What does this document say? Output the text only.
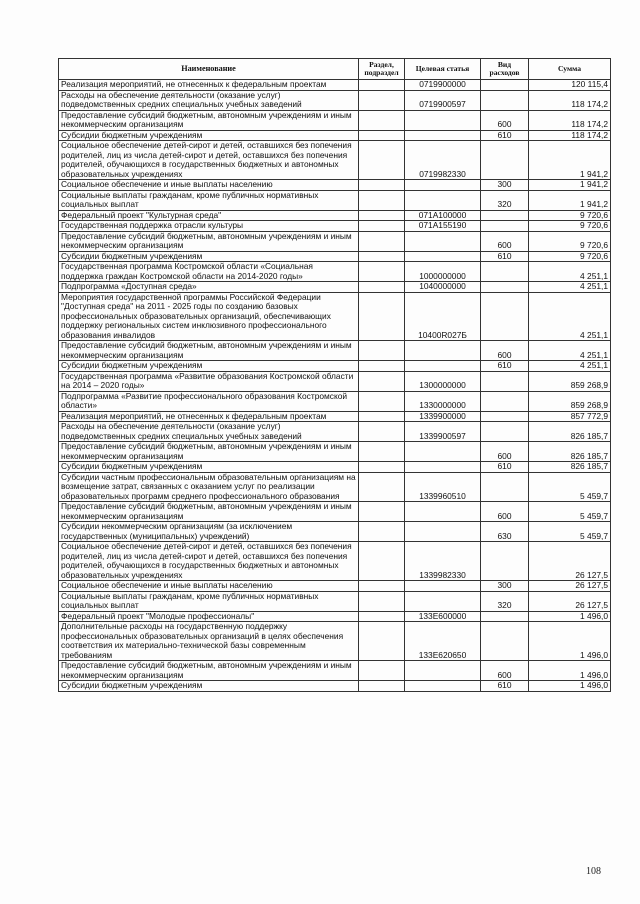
Наименование	Раздел, подраздел	Целевая статья	Вид расходов	Сумма
Реализация мероприятий, не отнесенных к федеральным проектам		0719900000		120 115,4
Расходы на обеспечение деятельности (оказание услуг) подведомственных средних специальных учебных заведений		0719900597		118 174,2
Предоставление субсидий бюджетным, автономным учреждениям и иным некоммерческим организациям			600	118 174,2
Субсидии бюджетным учреждениям			610	118 174,2
Социальное обеспечение детей-сирот и детей, оставшихся без попечения родителей, лиц из числа детей-сирот и детей, оставшихся без попечения родителей, обучающихся в государственных бюджетных и автономных образовательных учреждениях		0719982330		1 941,2
Социальное обеспечение и иные выплаты населению			300	1 941,2
Социальные выплаты гражданам, кроме публичных нормативных социальных выплат			320	1 941,2
Федеральный проект "Культурная среда"		071A100000		9 720,6
Государственная поддержка отрасли культуры		071A155190		9 720,6
Предоставление субсидий бюджетным, автономным учреждениям и иным некоммерческим организациям			600	9 720,6
Субсидии бюджетным учреждениям			610	9 720,6
Государственная программа Костромской области «Социальная поддержка граждан Костромской области на 2014-2020 годы»		1000000000		4 251,1
Подпрограмма «Доступная среда»		1040000000		4 251,1
Мероприятия государственной программы Российской Федерации "Доступная среда" на 2011 - 2025 годы по созданию базовых профессиональных образовательных организаций, обеспечивающих поддержку региональных систем инклюзивного профессионального образования инвалидов		10400R027Б		4 251,1
Предоставление субсидий бюджетным, автономным учреждениям и иным некоммерческим организациям			600	4 251,1
Субсидии бюджетным учреждениям			610	4 251,1
Государственная программа «Развитие образования Костромской области на 2014 – 2020 годы»		1300000000		859 268,9
Подпрограмма «Развитие профессионального образования Костромской области»		1330000000		859 268,9
Реализация мероприятий, не отнесенных к федеральным проектам		1339900000		857 772,9
Расходы на обеспечение деятельности (оказание услуг) подведомственных средних специальных учебных заведений		1339900597		826 185,7
Предоставление субсидий бюджетным, автономным учреждениям и иным некоммерческим организациям			600	826 185,7
Субсидии бюджетным учреждениям			610	826 185,7
Субсидии частным профессиональным образовательным организациям на возмещение затрат, связанных с оказанием услуг по реализации образовательных программ среднего профессионального образования		1339960510		5 459,7
Предоставление субсидий бюджетным, автономным учреждениям и иным некоммерческим организациям			600	5 459,7
Субсидии некоммерческим организациям (за исключением государственных (муниципальных) учреждений)			630	5 459,7
Социальное обеспечение детей-сирот и детей, оставшихся без попечения родителей, лиц из числа детей-сирот и детей, оставшихся без попечения родителей, обучающихся в государственных бюджетных и автономных образовательных учреждениях		1339982330		26 127,5
Социальное обеспечение и иные выплаты населению			300	26 127,5
Социальные выплаты гражданам, кроме публичных нормативных социальных выплат			320	26 127,5
Федеральный проект "Молодые профессионалы"		133E600000		1 496,0
Дополнительные расходы на государственную поддержку профессиональных образовательных организаций в целях обеспечения соответствия их материально-технической базы современным требованиям		133E620650		1 496,0
Предоставление субсидий бюджетным, автономным учреждениям и иным некоммерческим организациям			600	1 496,0
Субсидии бюджетным учреждениям			610	1 496,0
108
